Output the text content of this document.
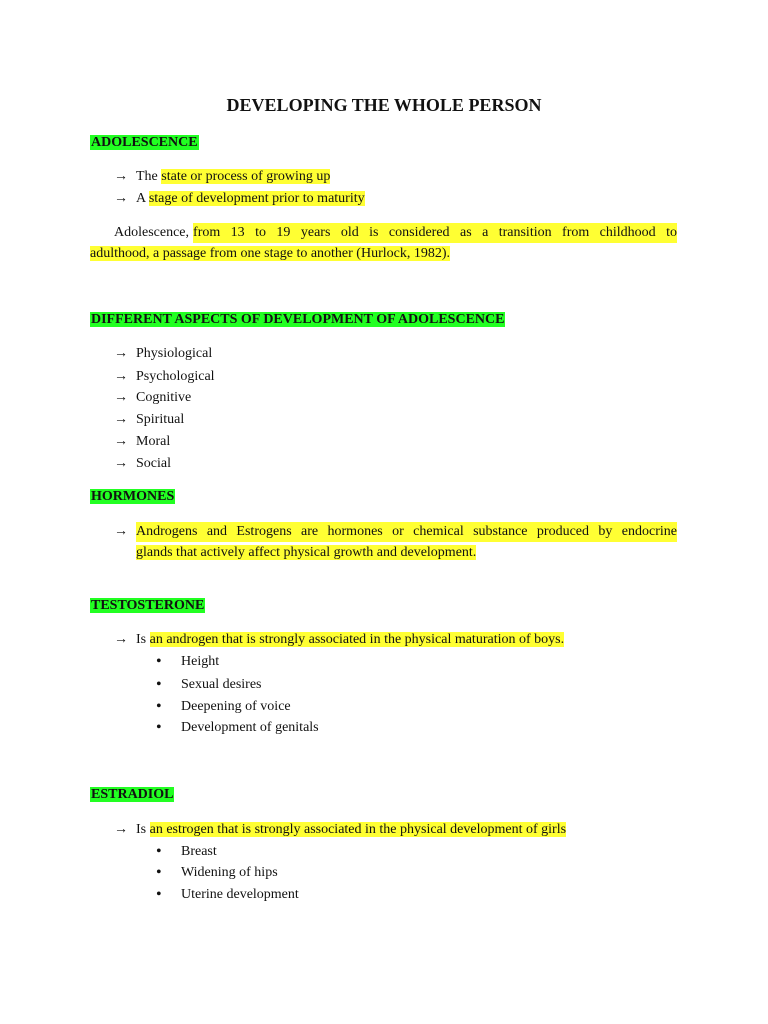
DEVELOPING THE WHOLE PERSON
ADOLESCENCE
→ The state or process of growing up
→ A stage of development prior to maturity
Adolescence, from 13 to 19 years old is considered as a transition from childhood to
adulthood, a passage from one stage to another (Hurlock, 1982).
DIFFERENT ASPECTS OF DEVELOPMENT OF ADOLESCENCE
→ Physiological
→ Psychological
→ Cognitive
→ Spiritual
→ Moral
→ Social
HORMONES
→ Androgens and Estrogens are hormones or chemical substance produced by endocrine
glands that actively affect physical growth and development.
TESTOSTERONE
→ Is an androgen that is strongly associated in the physical maturation of boys.
• Height
• Sexual desires
• Deepening of voice
• Development of genitals
ESTRADIOL
→ Is an estrogen that is strongly associated in the physical development of girls
• Breast
• Widening of hips
• Uterine development
